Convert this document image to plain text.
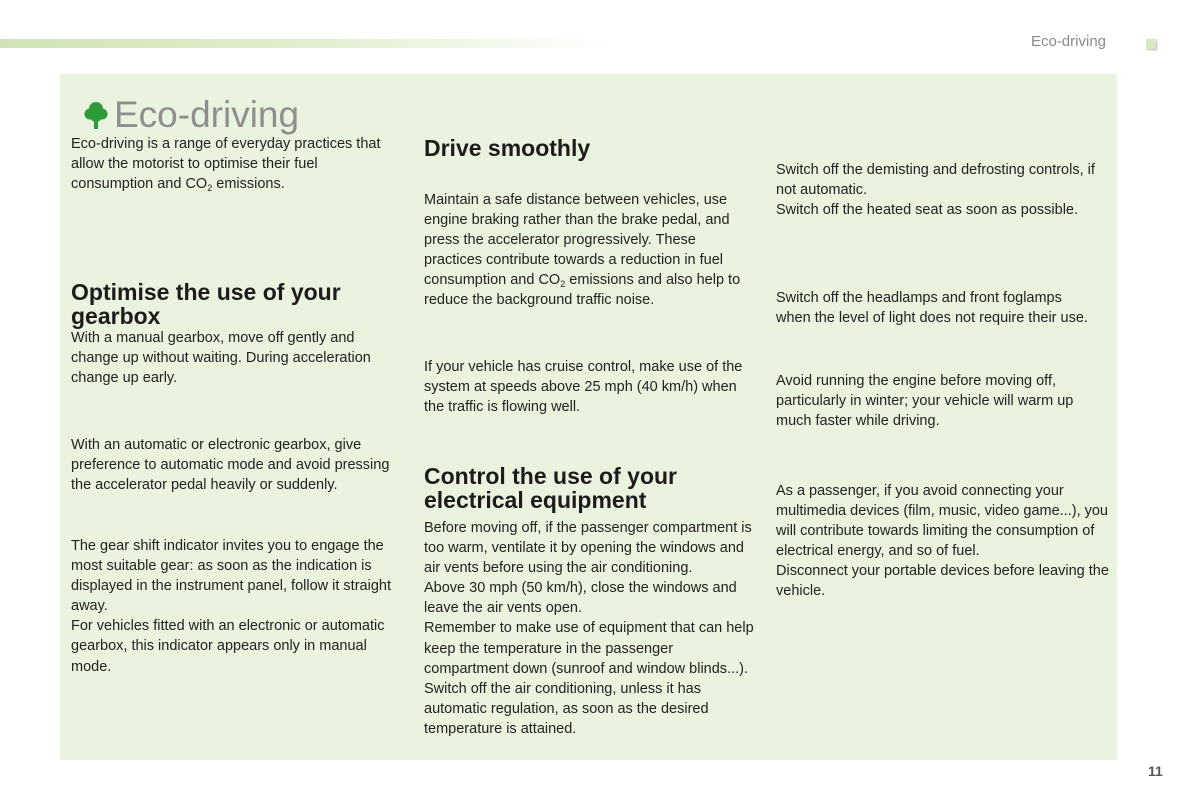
Eco-driving
Eco-driving

Eco-driving is a range of everyday practices that allow the motorist to optimise their fuel consumption and $CO_2$ emissions.

Optimise the use of your gearbox

With a manual gearbox, move off gently and change up without waiting. During acceleration change up early.

With an automatic or electronic gearbox, give preference to automatic mode and avoid pressing the accelerator pedal heavily or suddenly.

The gear shift indicator invites you to engage the most suitable gear: as soon as the indication is displayed in the instrument panel, follow it straight away.

For vehicles fitted with an electronic or automatic gearbox, this indicator appears only in manual mode.

Drive smoothly

Maintain a safe distance between vehicles, use engine braking rather than the brake pedal, and press the accelerator progressively. These practices contribute towards a reduction in fuel consumption and $CO_2$ emissions and also help to reduce the background traffic noise.

If your vehicle has cruise control, make use of the system at speeds above 25 mph (40 km/h) when the traffic is flowing well.

Control the use of your electrical equipment

Before moving off, if the passenger compartment is too warm, ventilate it by opening the windows and air vents before using the air conditioning.

Above 30 mph (50 km/h), close the windows and leave the air vents open.

Remember to make use of equipment that can help keep the temperature in the passenger compartment down (sunroof and window blinds...).

Switch off the air conditioning, unless it has automatic regulation, as soon as the desired temperature is attained.

Switch off the demisting and defrosting controls, if not automatic.

Switch off the heated seat as soon as possible.

Switch off the headlamps and front foglamps when the level of light does not require their use.

Avoid running the engine before moving off, particularly in winter; your vehicle will warm up much faster while driving.

As a passenger, if you avoid connecting your multimedia devices (film, music, video game...), you will contribute towards limiting the consumption of electrical energy, and so of fuel.

Disconnect your portable devices before leaving the vehicle.

11
